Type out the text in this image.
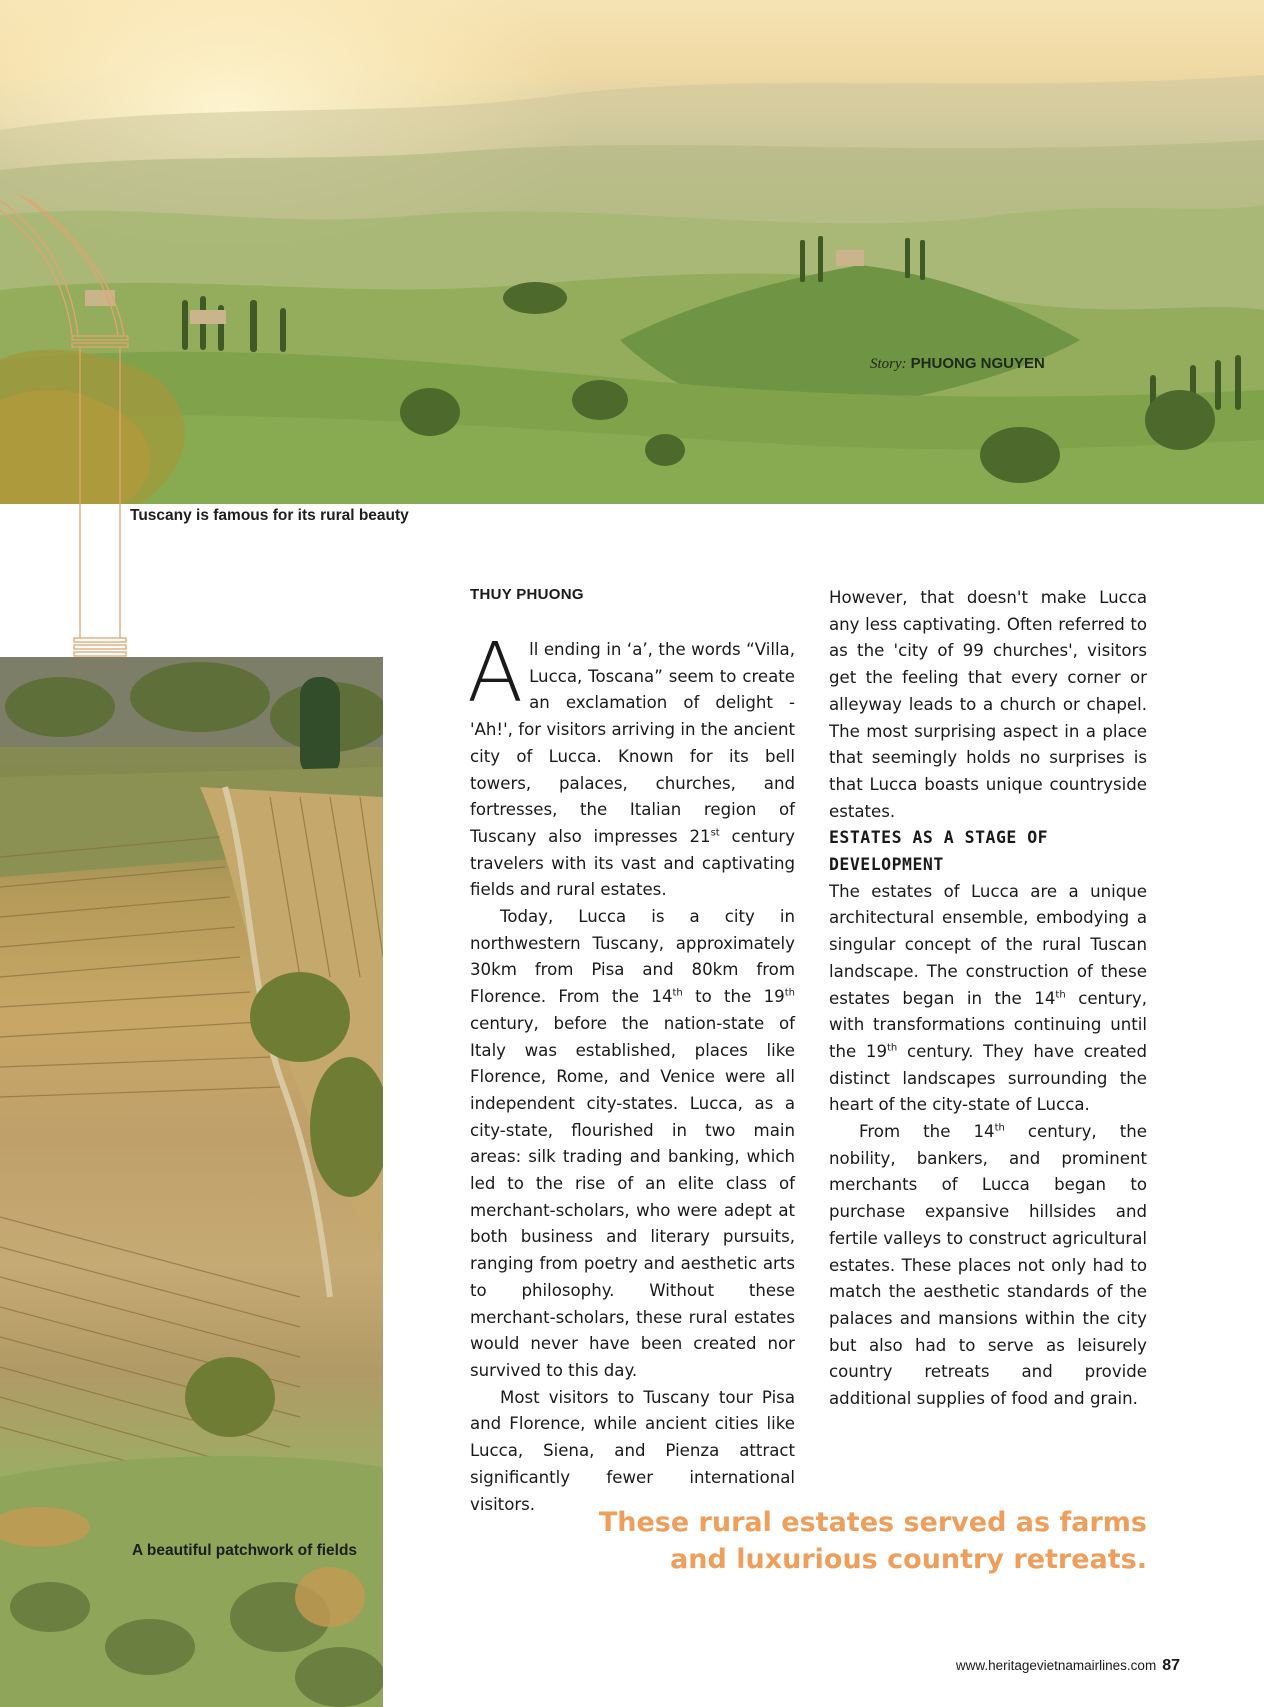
Story: PHUONG NGUYEN
Tuscany is famous for its rural beauty
A beautiful patchwork of fields
THUY PHUONG

All ending in ‘a’, the words “Villa, Lucca, Toscana” seem to create an exclamation of delight - 'Ah!', for visitors arriving in the ancient city of Lucca. Known for its bell towers, palaces, churches, and fortresses, the Italian region of Tuscany also impresses 21st century travelers with its vast and captivating fields and rural estates.

Today, Lucca is a city in northwestern Tuscany, approximately 30km from Pisa and 80km from Florence. From the 14th to the 19th century, before the nation-state of Italy was established, places like Florence, Rome, and Venice were all independent city-states. Lucca, as a city-state, flourished in two main areas: silk trading and banking, which led to the rise of an elite class of merchant-scholars, who were adept at both business and literary pursuits, ranging from poetry and aesthetic arts to philosophy. Without these merchant-scholars, these rural estates would never have been created nor survived to this day.

Most visitors to Tuscany tour Pisa and Florence, while ancient cities like Lucca, Siena, and Pienza attract significantly fewer international visitors.

However, that doesn't make Lucca any less captivating. Often referred to as the 'city of 99 churches', visitors get the feeling that every corner or alleyway leads to a church or chapel. The most surprising aspect in a place that seemingly holds no surprises is that Lucca boasts unique countryside estates.

ESTATES AS A STAGE OF DEVELOPMENT

The estates of Lucca are a unique architectural ensemble, embodying a singular concept of the rural Tuscan landscape. The construction of these estates began in the 14th century, with transformations continuing until the 19th century. They have created distinct landscapes surrounding the heart of the city-state of Lucca.

From the 14th century, the nobility, bankers, and prominent merchants of Lucca began to purchase expansive hillsides and fertile valleys to construct agricultural estates. These places not only had to match the aesthetic standards of the palaces and mansions within the city but also had to serve as leisurely country retreats and provide additional supplies of food and grain.

These rural estates served as farms
and luxurious country retreats.
www.heritagevietnamairlines.com 87
